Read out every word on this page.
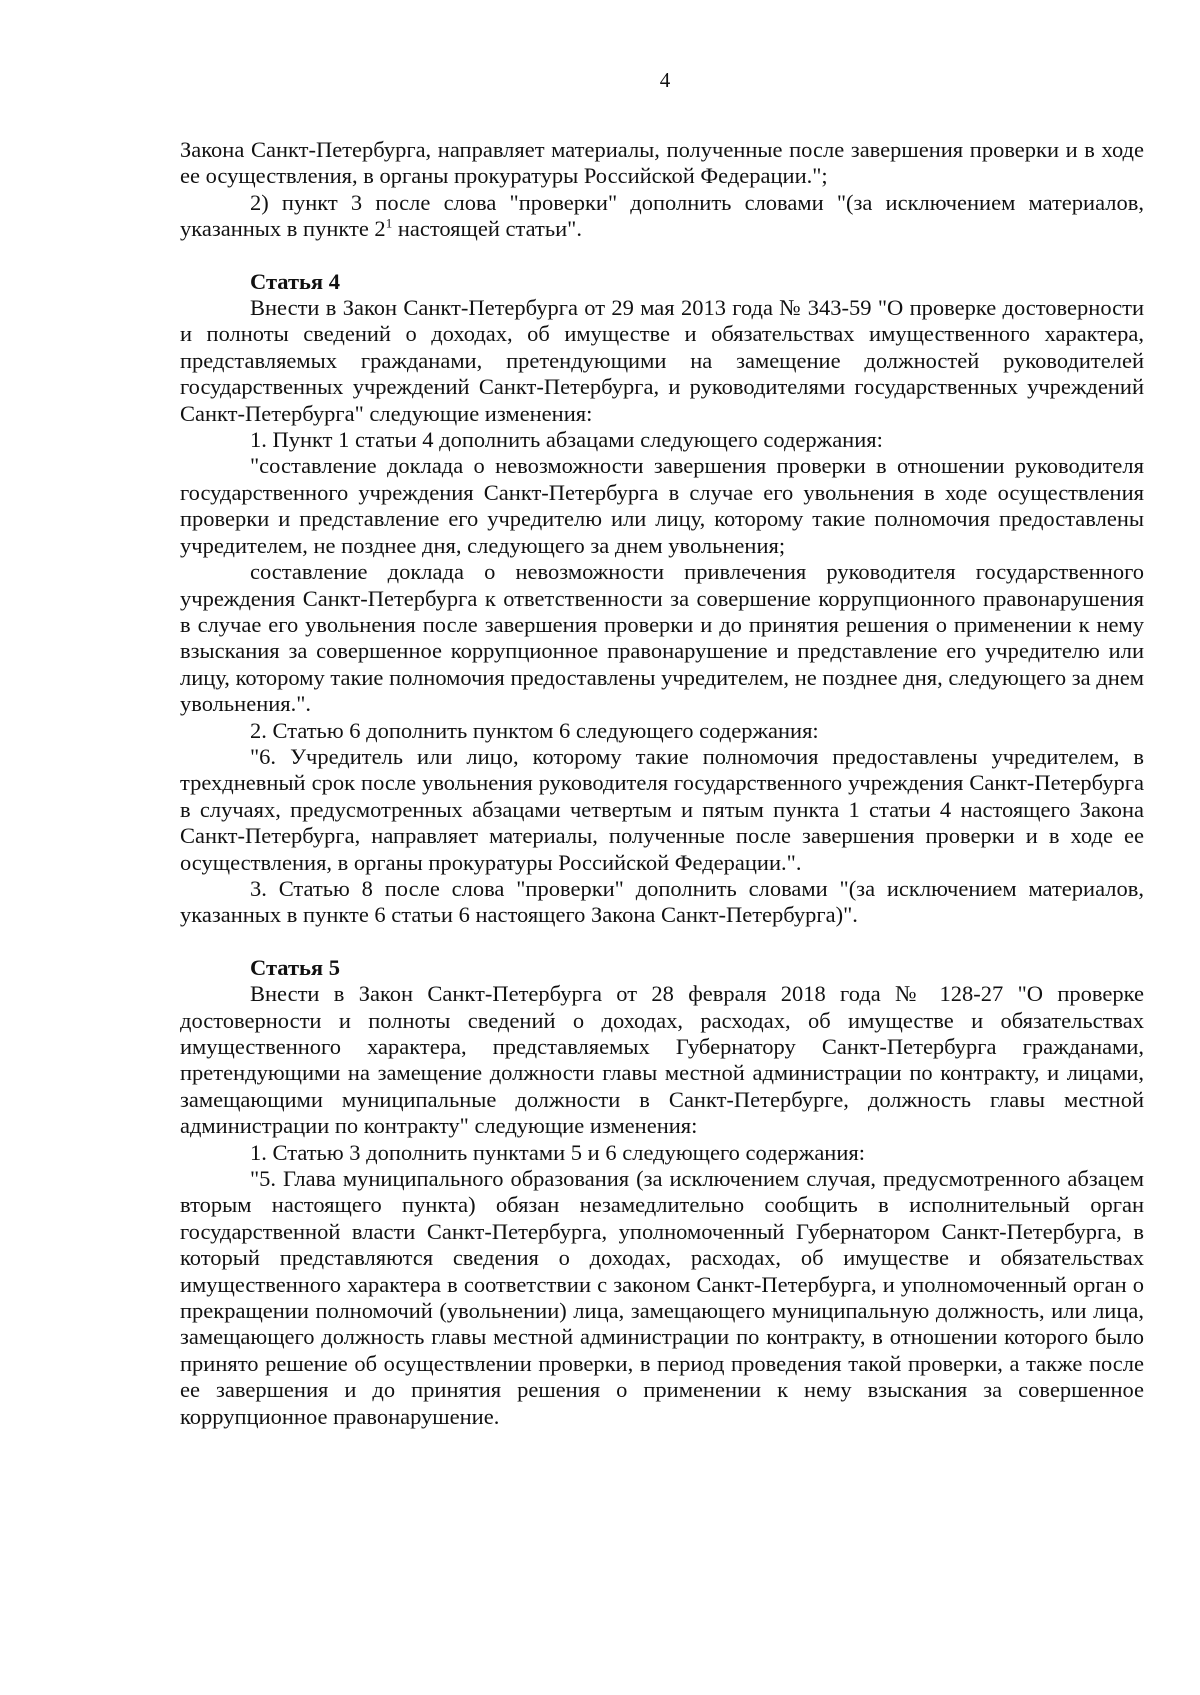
4

Закона Санкт-Петербурга, направляет материалы, полученные после завершения проверки и в ходе ее осуществления, в органы прокуратуры Российской Федерации.";

2) пункт 3 после слова "проверки" дополнить словами "(за исключением материалов, указанных в пункте $2^1$ настоящей статьи".

Статья 4

Внести в Закон Санкт-Петербурга от 29 мая 2013 года № 343-59 "О проверке достоверности и полноты сведений о доходах, об имуществе и обязательствах имущественного характера, представляемых гражданами, претендующими на замещение должностей руководителей государственных учреждений Санкт-Петербурга, и руководителями государственных учреждений Санкт-Петербурга" следующие изменения:

1. Пункт 1 статьи 4 дополнить абзацами следующего содержания:

"составление доклада о невозможности завершения проверки в отношении руководителя государственного учреждения Санкт-Петербурга в случае его увольнения в ходе осуществления проверки и представление его учредителю или лицу, которому такие полномочия предоставлены учредителем, не позднее дня, следующего за днем увольнения;

составление доклада о невозможности привлечения руководителя государственного учреждения Санкт-Петербурга к ответственности за совершение коррупционного правонарушения в случае его увольнения после завершения проверки и до принятия решения о применении к нему взыскания за совершенное коррупционное правонарушение и представление его учредителю или лицу, которому такие полномочия предоставлены учредителем, не позднее дня, следующего за днем увольнения.".

2. Статью 6 дополнить пунктом 6 следующего содержания:

"6. Учредитель или лицо, которому такие полномочия предоставлены учредителем, в трехдневный срок после увольнения руководителя государственного учреждения Санкт-Петербурга в случаях, предусмотренных абзацами четвертым и пятым пункта 1 статьи 4 настоящего Закона Санкт-Петербурга, направляет материалы, полученные после завершения проверки и в ходе ее осуществления, в органы прокуратуры Российской Федерации.".

3. Статью 8 после слова "проверки" дополнить словами "(за исключением материалов, указанных в пункте 6 статьи 6 настоящего Закона Санкт-Петербурга)".

Статья 5

Внести в Закон Санкт-Петербурга от 28 февраля 2018 года № 128-27 "О проверке достоверности и полноты сведений о доходах, расходах, об имуществе и обязательствах имущественного характера, представляемых Губернатору Санкт-Петербурга гражданами, претендующими на замещение должности главы местной администрации по контракту, и лицами, замещающими муниципальные должности в Санкт-Петербурге, должность главы местной администрации по контракту" следующие изменения:

1. Статью 3 дополнить пунктами 5 и 6 следующего содержания:

"5. Глава муниципального образования (за исключением случая, предусмотренного абзацем вторым настоящего пункта) обязан незамедлительно сообщить в исполнительный орган государственной власти Санкт-Петербурга, уполномоченный Губернатором Санкт-Петербурга, в который представляются сведения о доходах, расходах, об имуществе и обязательствах имущественного характера в соответствии с законом Санкт-Петербурга, и уполномоченный орган о прекращении полномочий (увольнении) лица, замещающего муниципальную должность, или лица, замещающего должность главы местной администрации по контракту, в отношении которого было принято решение об осуществлении проверки, в период проведения такой проверки, а также после ее завершения и до принятия решения о применении к нему взыскания за совершенное коррупционное правонарушение.
